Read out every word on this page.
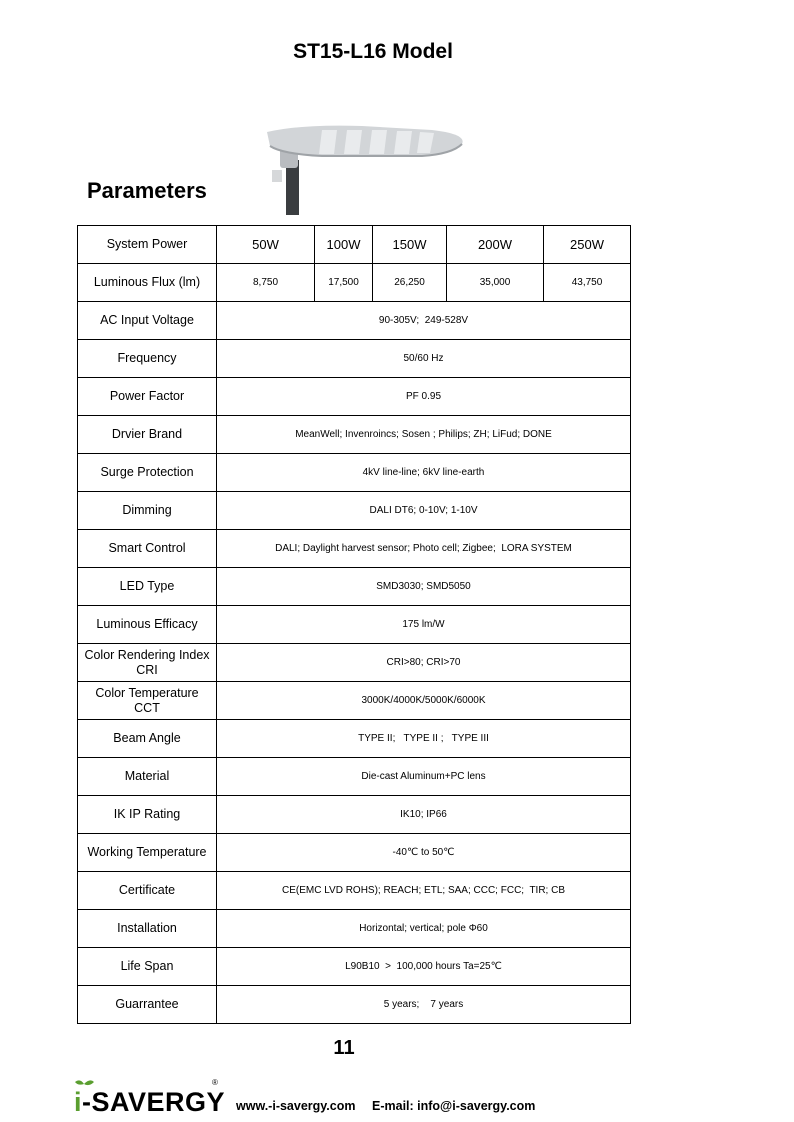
ST15-L16 Model
Parameters
System Power	50W	100W	150W	200W	250W
Luminous Flux (lm)	8,750	17,500	26,250	35,000	43,750
AC Input Voltage	90-305V;  249-528V				
Frequency	50/60 Hz				
Power Factor	PF 0.95				
Drvier Brand	MeanWell; Invenroincs; Sosen ; Philips; ZH; LiFud; DONE				
Surge Protection	4kV line-line; 6kV line-earth				
Dimming	DALI DT6; 0-10V; 1-10V				
Smart Control	DALI; Daylight harvest sensor; Photo cell; Zigbee;  LORA SYSTEM				
LED Type	SMD3030; SMD5050				
Luminous Efficacy	175 lm/W				
Color Rendering Index
CRI	CRI>80; CRI>70				
Color Temperature
CCT	3000K/4000K/5000K/6000K				
Beam Angle	TYPE II;   TYPE II ;   TYPE III				
Material	Die-cast Aluminum+PC lens				
IK IP Rating	IK10; IP66				
Working Temperature	-40℃ to 50℃				
Certificate	CE(EMC LVD ROHS); REACH; ETL; SAA; CCC; FCC;  TIR; CB				
Installation	Horizontal; vertical; pole Φ60				
Life Span	L90B10  >  100,000 hours Ta=25℃				
Guarrantee	5 years;    7 years				
11
i-SAVERGY
®
www.-i-savergy.com E-mail: info@i-savergy.com
